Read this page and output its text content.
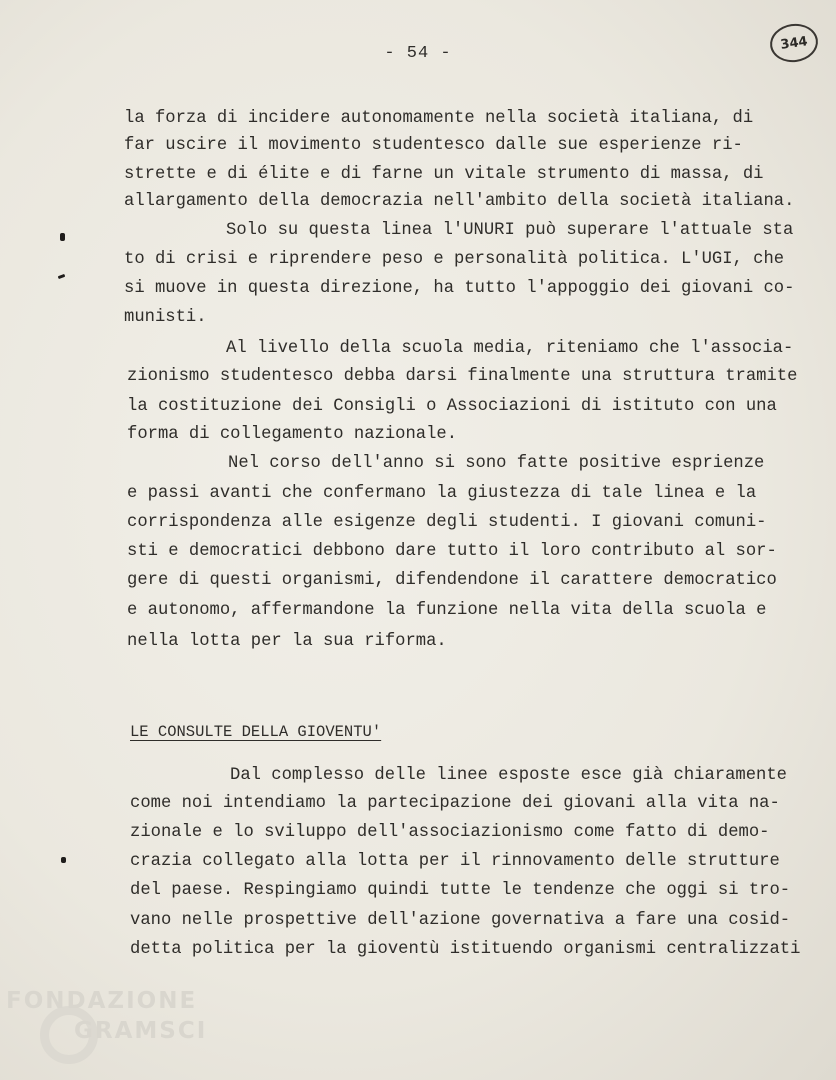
- 54 -
344
la forza di incidere autonomamente nella società italiana, di
far uscire il movimento studentesco dalle sue esperienze ri-
strette e di élite e di farne un vitale strumento di massa, di
allargamento della democrazia nell'ambito della società italiana.
Solo su questa linea l'UNURI può superare l'attuale sta
to di crisi e riprendere peso e personalità politica. L'UGI, che
si muove in questa direzione, ha tutto l'appoggio dei giovani co-
munisti.
Al livello della scuola media, riteniamo che l'associa-
zionismo studentesco debba darsi finalmente una struttura tramite
la costituzione dei Consigli o Associazioni di istituto con una
forma di collegamento nazionale.
Nel corso dell'anno si sono fatte positive esprienze
e passi avanti che confermano la giustezza di tale linea e la
corrispondenza alle esigenze degli studenti. I giovani comuni-
sti e democratici debbono dare tutto il loro contributo al sor-
gere di questi organismi, difendendone il carattere democratico
e autonomo, affermandone la funzione nella vita della scuola e
nella lotta per la sua riforma.
LE CONSULTE DELLA GIOVENTU'
Dal complesso delle linee esposte esce già chiaramente
come noi intendiamo la partecipazione dei giovani alla vita na-
zionale e lo sviluppo dell'associazionismo come fatto di demo-
crazia collegato alla lotta per il rinnovamento delle strutture
del paese. Respingiamo quindi tutte le tendenze che oggi si tro-
vano nelle prospettive dell'azione governativa a fare una cosid-
detta politica per la gioventù istituendo organismi centralizzati
FONDAZIONE
GRAMSCI
